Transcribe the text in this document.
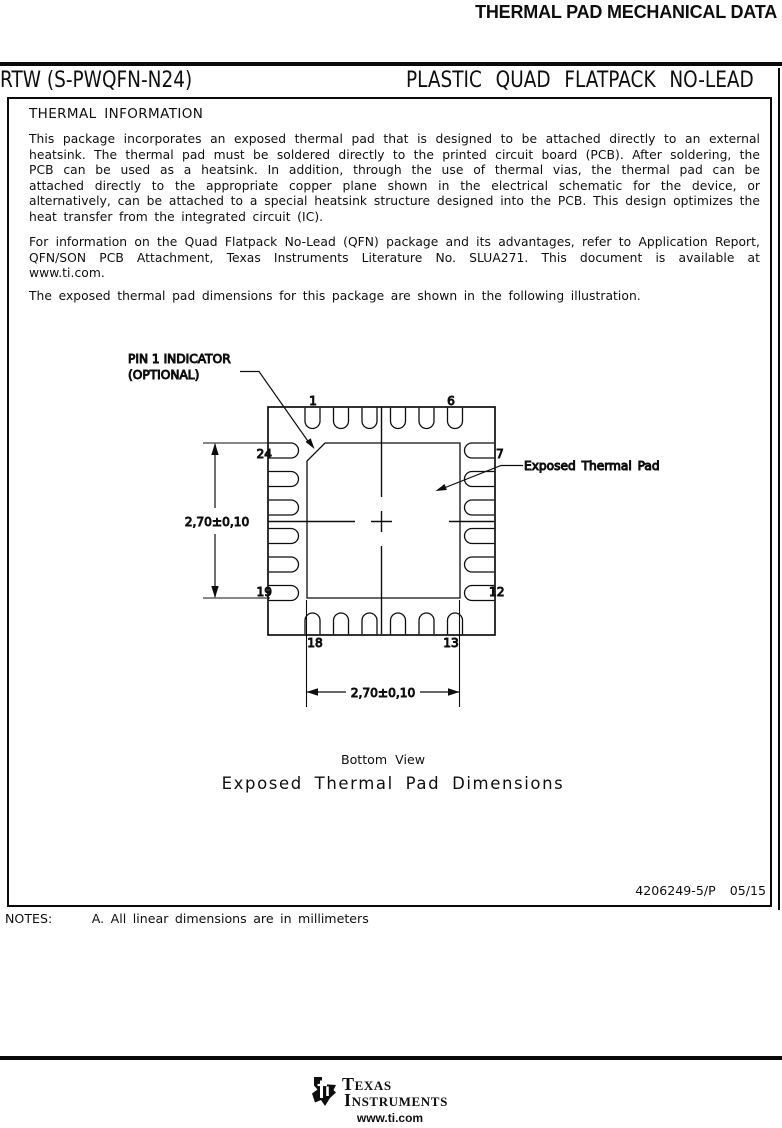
THERMAL PAD MECHANICAL DATA
RTW (S-PWQFN-N24)	PLASTIC QUAD FLATPACK NO-LEAD
THERMAL INFORMATION
This package incorporates an exposed thermal pad that is designed to be attached directly to an external heatsink. The thermal pad must be soldered directly to the printed circuit board (PCB). After soldering, the PCB can be used as a heatsink. In addition, through the use of thermal vias, the thermal pad can be attached directly to the appropriate copper plane shown in the electrical schematic for the device, or alternatively, can be attached to a special heatsink structure designed into the PCB. This design optimizes the heat transfer from the integrated circuit (IC).
For information on the Quad Flatpack No-Lead (QFN) package and its advantages, refer to Application Report, QFN/SON PCB Attachment, Texas Instruments Literature No. SLUA271. This document is available at www.ti.com.
The exposed thermal pad dimensions for this package are shown in the following illustration.
PIN 1 INDICATOR
(OPTIONAL)
Exposed Thermal Pad
1	6
24	7
19	12
18	13
2,70±0,10
2,70±0,10
Bottom View
Exposed Thermal Pad Dimensions
4206249-5/P 05/15
NOTES:	A. All linear dimensions are in millimeters
Texas
Instruments
www.ti.com
